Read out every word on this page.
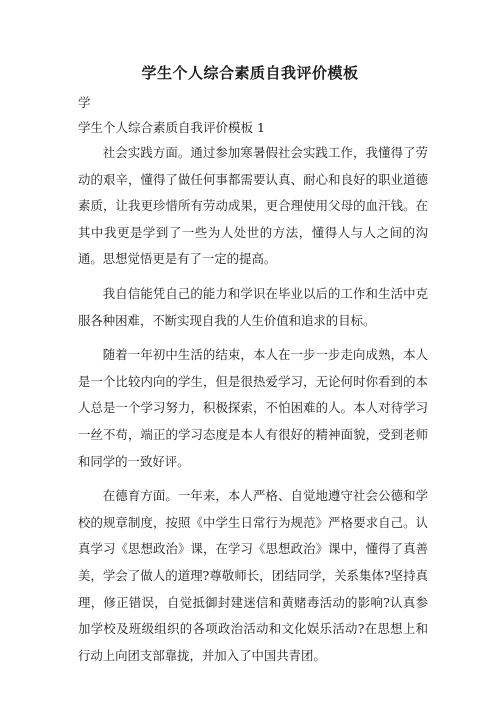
学生个人综合素质自我评价模板
学
学生个人综合素质自我评价模板 1

社会实践方面。通过参加寒暑假社会实践工作，我懂得了劳动的艰辛，懂得了做任何事都需要认真、耐心和良好的职业道德素质，让我更珍惜所有劳动成果，更合理使用父母的血汗钱。在其中我更是学到了一些为人处世的方法，懂得人与人之间的沟通。思想觉悟更是有了一定的提高。

我自信能凭自己的能力和学识在毕业以后的工作和生活中克服各种困难，不断实现自我的人生价值和追求的目标。

随着一年初中生活的结束，本人在一步一步走向成熟，本人是一个比较内向的学生，但是很热爱学习，无论何时你看到的本人总是一个学习努力，积极探索，不怕困难的人。本人对待学习一丝不苟，端正的学习态度是本人有很好的精神面貌，受到老师和同学的一致好评。

在德育方面。一年来，本人严格、自觉地遵守社会公德和学校的规章制度，按照《中学生日常行为规范》严格要求自己。认真学习《思想政治》课，在学习《思想政治》课中，懂得了真善美，学会了做人的道理?尊敬师长，团结同学，关系集体?坚持真理，修正错误，自觉抵御封建迷信和黄赌毒活动的影响?认真参加学校及班级组织的各项政治活动和文化娱乐活动?在思想上和行动上向团支部靠拢，并加入了中国共青团。
